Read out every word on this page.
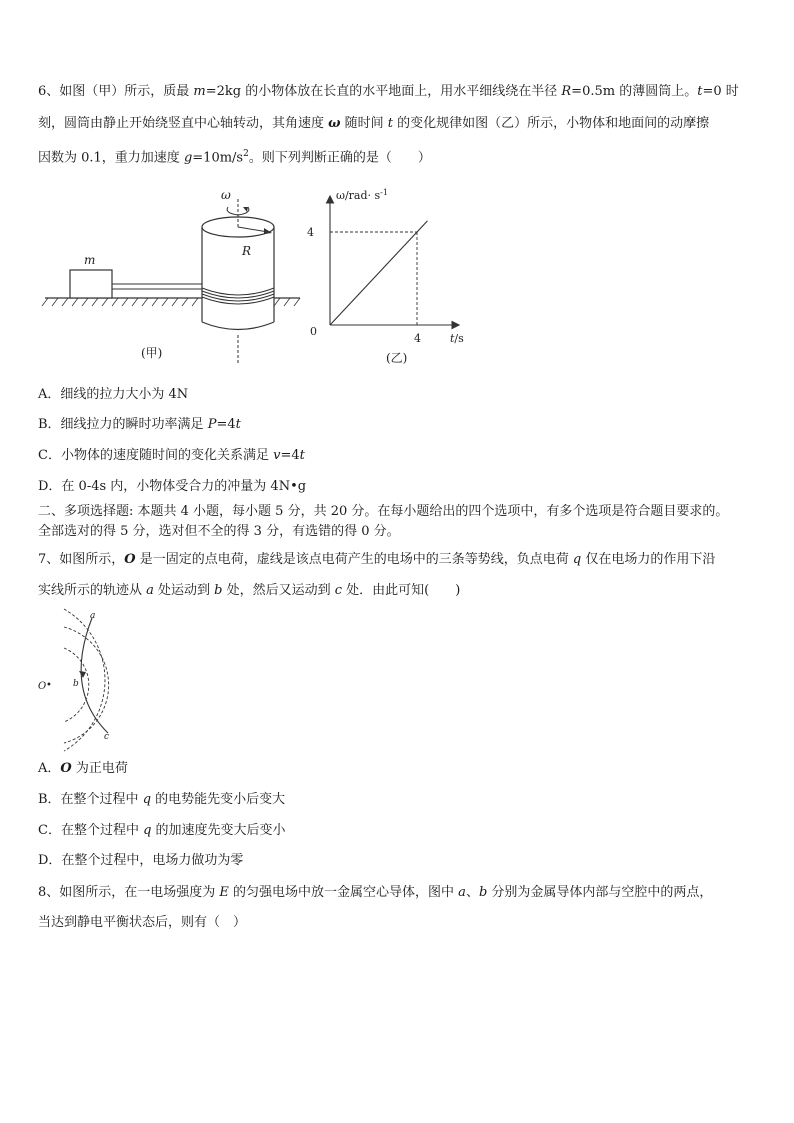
6、如图（甲）所示，质最 m=2kg 的小物体放在长直的水平地面上，用水平细线绕在半径 R=0.5m 的薄圆筒上。t=0 时
刻，圆筒由静止开始绕竖直中心轴转动，其角速度 ω 随时间 t 的变化规律如图（乙）所示，小物体和地面间的动摩擦
因数为 0.1，重力加速度 $g=10m/s^2$。则下列判断正确的是（　　）
m
R
ω
(甲)
$\omega/rad\cdot s^{-1}$
4
0
4	t/s
(乙)
A．细线的拉力大小为 4N
B．细线拉力的瞬时功率满足 P=4t
C．小物体的速度随时间的变化关系满足 v=4t
D．在 0-4s 内，小物体受合力的冲量为 4N•g
二、多项选择题: 本题共 4 小题，每小题 5 分，共 20 分。在每小题给出的四个选项中，有多个选项是符合题目要求的。
全部选对的得 5 分，选对但不全的得 3 分，有选错的得 0 分。
7、如图所示，O 是一固定的点电荷，虚线是该点电荷产生的电场中的三条等势线，负点电荷 q 仅在电场力的作用下沿
实线所示的轨迹从 a 处运动到 b 处，然后又运动到 c 处．由此可知(　　)
a
b
c
O •
A．O 为正电荷
B．在整个过程中 q 的电势能先变小后变大
C．在整个过程中 q 的加速度先变大后变小
D．在整个过程中，电场力做功为零
8、如图所示，在一电场强度为 E 的匀强电场中放一金属空心导体，图中 a、b 分别为金属导体内部与空腔中的两点，
当达到静电平衡状态后，则有（　）
